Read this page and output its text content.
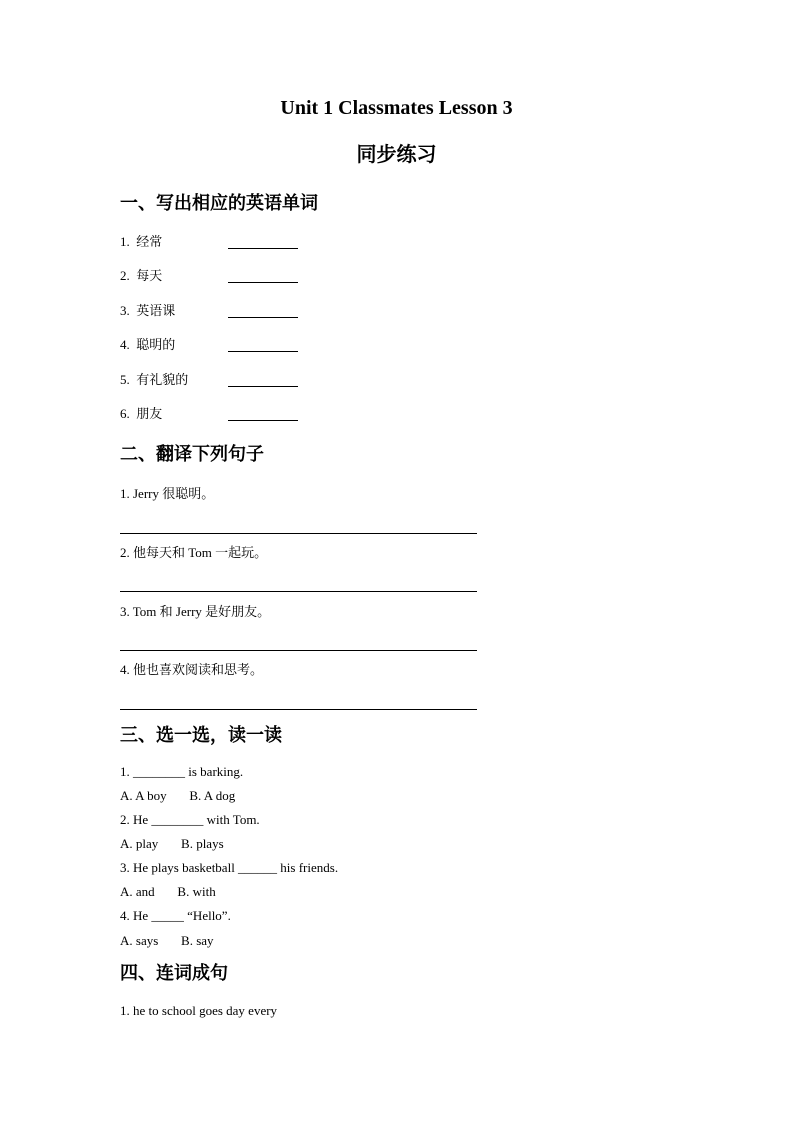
Unit 1 Classmates Lesson 3
同步练习
一、写出相应的英语单词
1.  经常
2.  每天
3.  英语课
4.  聪明的
5.  有礼貌的
6.  朋友
二、翻译下列句子
1. Jerry 很聪明。
2. 他每天和 Tom 一起玩。
3. Tom 和 Jerry 是好朋友。
4. 他也喜欢阅读和思考。
三、选一选，读一读
1. ________ is barking.
A. A boy       B. A dog
2. He ________ with Tom.
A. play       B. plays
3. He plays basketball ______ his friends.
A. and       B. with
4. He _____ “Hello”.
A. says       B. say
四、连词成句
1. he to school goes day every
